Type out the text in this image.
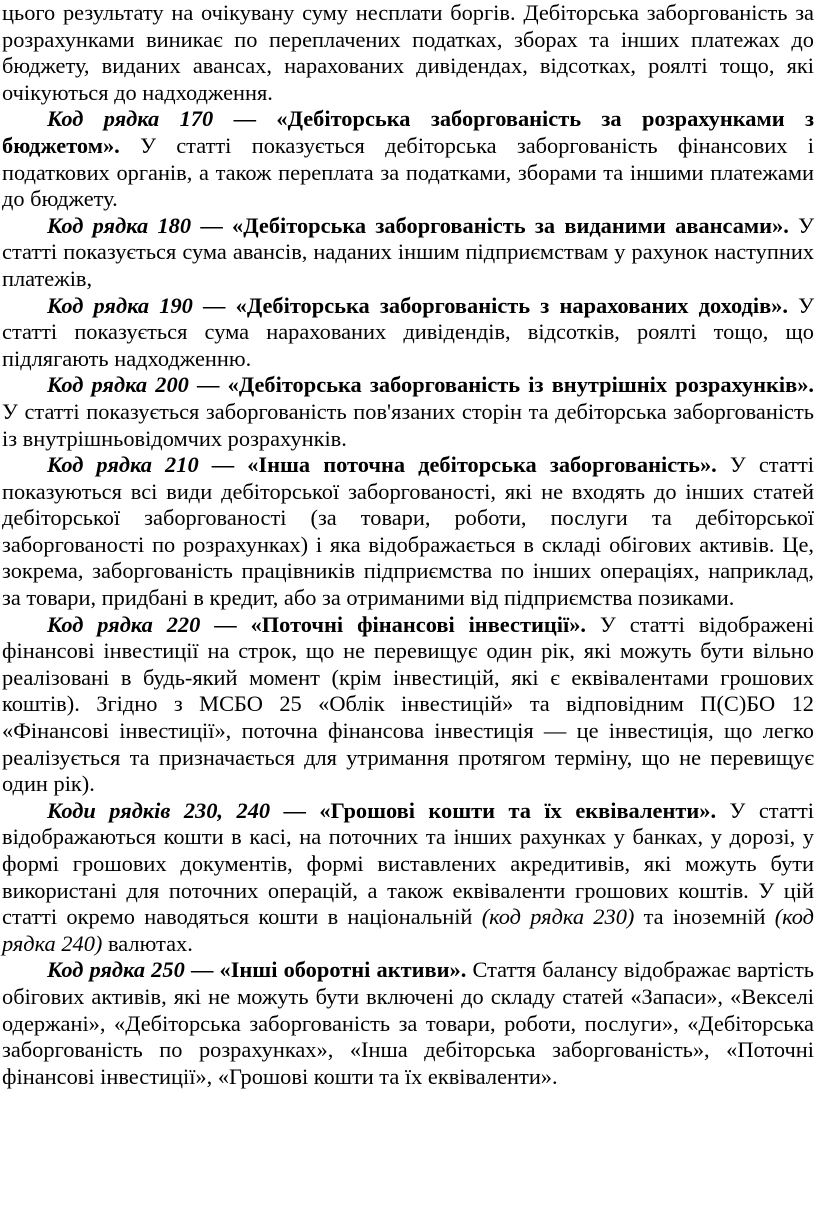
цього результату на очікувану суму несплати боргів. Дебіторська заборгованість за розрахунками виникає по переплачених податках, зборах та інших платежах до бюджету, виданих авансах, нарахованих дивідендах, відсотках, роялті тощо, які очікуються до надходження.

Код рядка 170 — «Дебіторська заборгованість за розрахунками з бюджетом». У статті показується дебіторська заборгованість фінансових і податкових органів, а також переплата за податками, зборами та іншими платежами до бюджету.

Код рядка 180 — «Дебіторська заборгованість за виданими авансами». У статті показується сума авансів, наданих іншим підприємствам у рахунок наступних платежів,

Код рядка 190 — «Дебіторська заборгованість з нарахованих доходів». У статті показується сума нарахованих дивідендів, відсотків, роялті тощо, що підлягають надходженню.

Код рядка 200 — «Дебіторська заборгованість із внутрішніх розрахунків». У статті показується заборгованість пов'язаних сторін та дебіторська заборгованість із внутрішньовідомчих розрахунків.

Код рядка 210 — «Інша поточна дебіторська заборгованість». У статті показуються всі види дебіторської заборгованості, які не входять до інших статей дебіторської заборгованості (за товари, роботи, послуги та дебіторської заборгованості по розрахунках) і яка відображається в складі обігових активів. Це, зокрема, заборгованість працівників підприємства по інших операціях, наприклад, за товари, придбані в кредит, або за отриманими від підприємства позиками.

Код рядка 220 — «Поточні фінансові інвестиції». У статті відображені фінансові інвестиції на строк, що не перевищує один рік, які можуть бути вільно реалізовані в будь-який момент (крім інвестицій, які є еквівалентами грошових коштів). Згідно з МСБО 25 «Облік інвестицій» та відповідним П(С)БО 12 «Фінансові інвестиції», поточна фінансова інвестиція — це інвестиція, що легко реалізується та призначається для утримання протягом терміну, що не перевищує один рік).

Коди рядків 230, 240 — «Грошові кошти та їх еквіваленти». У статті відображаються кошти в касі, на поточних та інших рахунках у банках, у дорозі, у формі грошових документів, формі виставлених акредитивів, які можуть бути використані для поточних операцій, а також еквіваленти грошових коштів. У цій статті окремо наводяться кошти в національній (код рядка 230) та іноземній (код рядка 240) валютах.

Код рядка 250 — «Інші оборотні активи». Стаття балансу відображає вартість обігових активів, які не можуть бути включені до складу статей «Запаси», «Векселі одержані», «Дебіторська заборгованість за товари, роботи, послуги», «Дебіторська заборгованість по розрахунках», «Інша дебіторська заборгованість», «Поточні фінансові інвестиції», «Грошові кошти та їх еквіваленти».
